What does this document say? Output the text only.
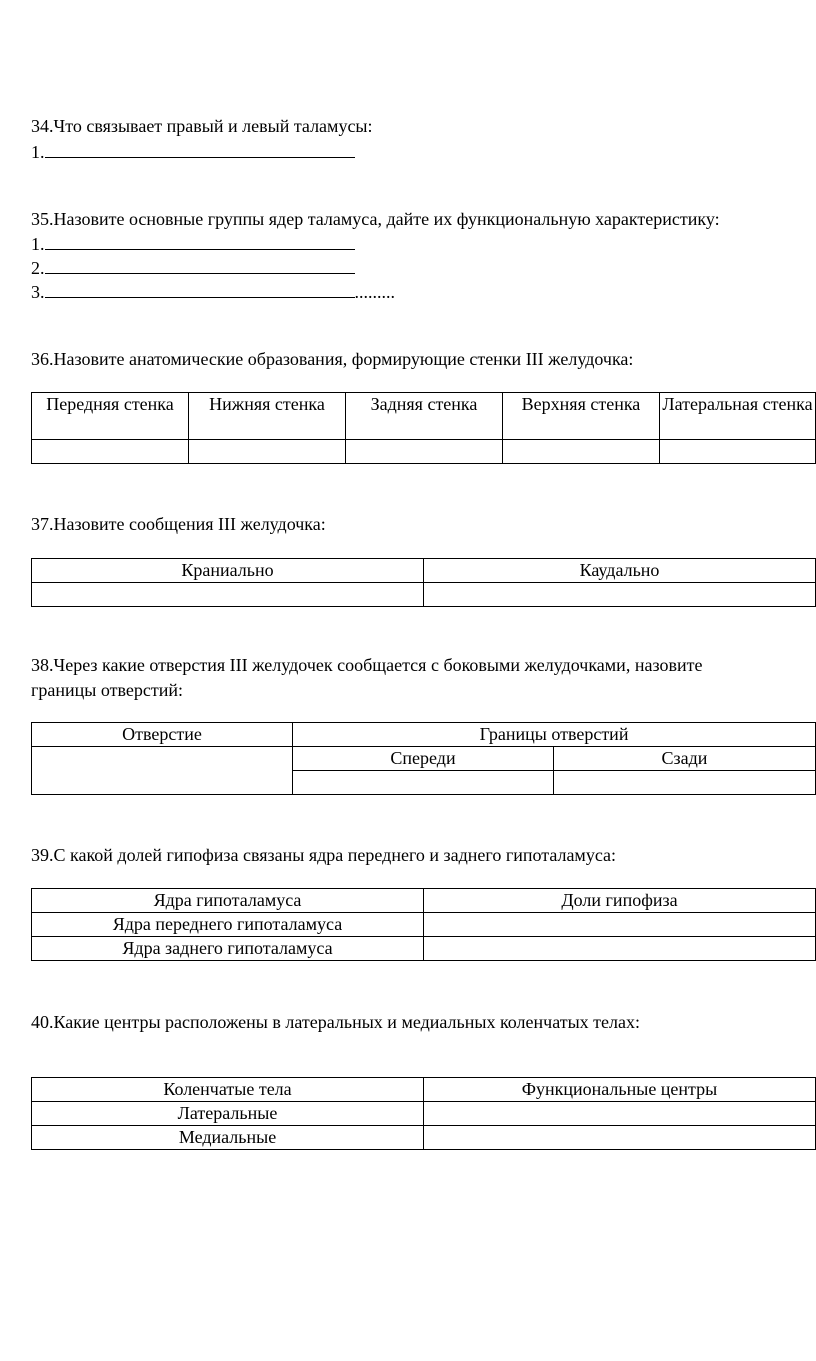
34.Что связывает правый и левый таламусы:
1.
35.Назовите основные группы ядер таламуса, дайте их функциональную характеристику:
1.
2.
3.	.........
36.Назовите анатомические образования, формирующие стенки III желудочка:
Передняя стенка	Нижняя стенка	Задняя стенка	Верхняя стенка	Латеральная стенка

37.Назовите сообщения III желудочка:
Краниально	Каудально

38.Через какие отверстия III желудочек сообщается с боковыми желудочками, назовите
границы отверстий:
Отверстие	Границы отверстий	
	Спереди	Сзади

39.С какой долей гипофиза связаны ядра переднего и заднего гипоталамуса:
Ядра гипоталамуса	Доли гипофиза
Ядра переднего гипоталамуса	
Ядра заднего гипоталамуса	
40.Какие центры расположены в латеральных и медиальных коленчатых телах:
Коленчатые тела	Функциональные центры
Латеральные	
Медиальные	
